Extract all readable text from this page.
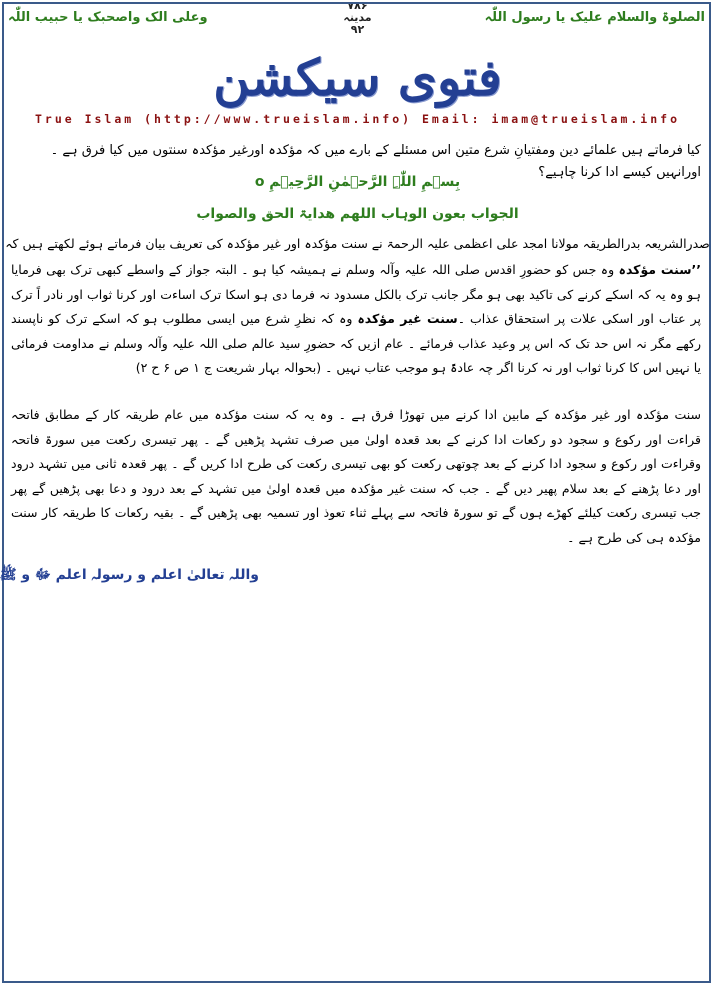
الصلوۃ والسلام علیک یا رسول اللّٰہ
وعلی الک واصحبک یا حبیب اللّٰہ
۷۸۶
مدینہ
۹۲
فتوی سیکشن
True Islam (http://www.trueislam.info) Email: imam@trueislam.info
کیا فرماتے ہیں علمائے دین ومفتیانِ شرع متین اس مسئلے کے بارے میں کہ مؤکدہ اورغیر مؤکدہ سنتوں میں کیا فرق ہے ۔ اورانہیں کیسے ادا کرنا چاہیے؟
بِسۡمِ اللّٰہِ الرَّحۡمٰنِ الرَّحِیۡمِ o
الجواب بعون الوہاب اللھم ھدایۃ الحق والصواب
صدرالشریعہ بدرالطریقہ مولانا امجد علی اعظمی علیہ الرحمۃ نے سنت مؤکدہ اور غیر مؤکدہ کی تعریف بیان فرماتے ہوئے لکھتے ہیں کہ
’’سنت مؤکدہ وہ جس کو حضورِ اقدس صلی اللہ علیہ وآلہ وسلم نے ہمیشہ کیا ہو ۔ البتہ جواز کے واسطے کبھی ترک بھی فرمایا ہو وہ یہ کہ اسکے کرنے کی تاکید بھی ہو مگر جانب ترک بالکل مسدود نہ فرما دی ہو اسکا ترک اساءت اور کرنا ثواب اور نادر اً ترک پر عتاب اور اسکی علات پر استحقاق عذاب ۔سنت غیر مؤکدہ وہ کہ نظرِ شرع میں ایسی مطلوب ہو کہ اسکے ترک کو ناپسند رکھے مگر نہ اس حد تک کہ اس پر وعید عذاب فرمائے ۔ عام ازیں کہ حضورِ سید عالم صلی اللہ علیہ وآلہ وسلم نے مداومت فرمائی یا نہیں اس کا کرنا ثواب اور نہ کرنا اگر چہ عادۃً ہو موجب عتاب نہیں ۔ (بحوالہ بہار شریعت ج ۱ ص ۶ ح ۲)
سنت مؤکدہ اور غیر مؤکدہ کے مابین ادا کرنے میں تھوڑا فرق ہے ۔ وہ یہ کہ سنت مؤکدہ میں عام طریقہ کار کے مطابق فاتحہ قراءت اور رکوع و سجود دو رکعات ادا کرنے کے بعد قعدہ اولیٰ میں صرف تشہد پڑھیں گے ۔ پھر تیسری رکعت میں سورۃ فاتحہ وقراءت اور رکوع و سجود ادا کرنے کے بعد چوتھی رکعت کو بھی تیسری رکعت کی طرح ادا کریں گے ۔ پھر قعدہ ثانی میں تشہد درود اور دعا پڑھنے کے بعد سلام پھیر دیں گے ۔ جب کہ سنت غیر مؤکدہ میں قعدہ اولیٰ میں تشہد کے بعد درود و دعا بھی پڑھیں گے پھر جب تیسری رکعت کیلئے کھڑے ہوں گے تو سورۃ فاتحہ سے پہلے ثناء تعوذ اور تسمیہ بھی پڑھیں گے ۔ بقیہ رکعات کا طریقہ کار سنت مؤکدہ ہی کی طرح ہے ۔
واللہ تعالیٰ اعلم و رسولہ اعلم ﷻ و ﷺ
